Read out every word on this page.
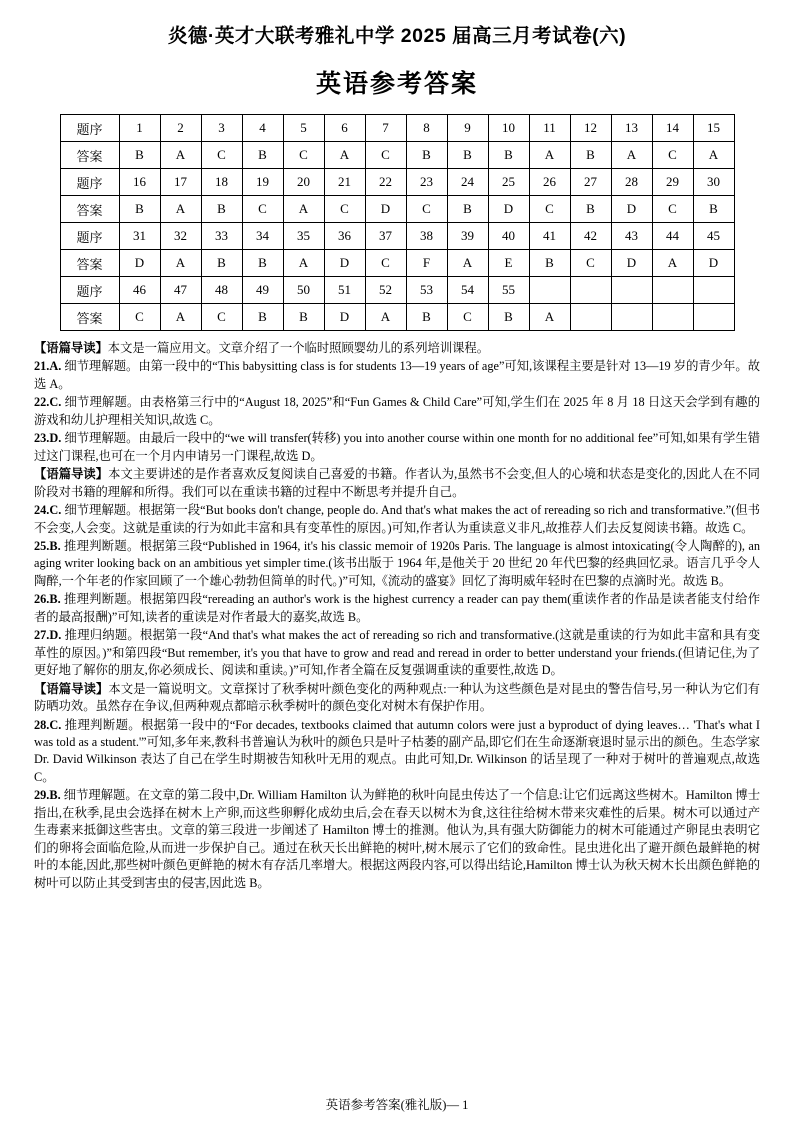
炎德·英才大联考雅礼中学 2025 届高三月考试卷(六)
英语参考答案
题序	1	2	3	4	5	6	7	8	9	10	11	12	13	14	15
答案	B	A	C	B	C	A	C	B	B	B	A	B	A	C	A
题序	16	17	18	19	20	21	22	23	24	25	26	27	28	29	30
答案	B	A	B	C	A	C	D	C	B	D	C	B	D	C	B
题序	31	32	33	34	35	36	37	38	39	40	41	42	43	44	45
答案	D	A	B	B	A	D	C	F	A	E	B	C	D	A	D
题序	46	47	48	49	50	51	52	53	54	55					
答案	C	A	C	B	B	D	A	B	C	B	A				

【语篇导读】本文是一篇应用文。文章介绍了一个临时照顾婴幼儿的系列培训课程。

21.A. 细节理解题。由第一段中的“This babysitting class is for students 13—19 years of age”可知,该课程主要是针对 13—19 岁的青少年。故选 A。

22.C. 细节理解题。由表格第三行中的“August 18, 2025”和“Fun Games & Child Care”可知,学生们在 2025 年 8 月 18 日这天会学到有趣的游戏和幼儿护理相关知识,故选 C。

23.D. 细节理解题。由最后一段中的“we will transfer(转移) you into another course within one month for no additional fee”可知,如果有学生错过这门课程,也可在一个月内申请另一门课程,故选 D。

【语篇导读】本文主要讲述的是作者喜欢反复阅读自己喜爱的书籍。作者认为,虽然书不会变,但人的心境和状态是变化的,因此人在不同阶段对书籍的理解和所得。我们可以在重读书籍的过程中不断思考并提升自己。

24.C. 细节理解题。根据第一段“But books don't change, people do. And that's what makes the act of rereading so rich and transformative.”(但书不会变,人会变。这就是重读的行为如此丰富和具有变革性的原因。)可知,作者认为重读意义非凡,故推荐人们去反复阅读书籍。故选 C。

25.B. 推理判断题。根据第三段“Published in 1964, it's his classic memoir of 1920s Paris. The language is almost intoxicating(令人陶醉的), an aging writer looking back on an ambitious yet simpler time.(该书出版于 1964 年,是他关于 20 世纪 20 年代巴黎的经典回忆录。语言几乎令人陶醉,一个年老的作家回顾了一个雄心勃勃但简单的时代。)”可知,《流动的盛宴》回忆了海明威年轻时在巴黎的点滴时光。故选 B。

26.B. 推理判断题。根据第四段“rereading an author's work is the highest currency a reader can pay them(重读作者的作品是读者能支付给作者的最高报酬)”可知,读者的重读是对作者最大的嘉奖,故选 B。

27.D. 推理归纳题。根据第一段“And that's what makes the act of rereading so rich and transformative.(这就是重读的行为如此丰富和具有变革性的原因。)”和第四段“But remember, it's you that have to grow and read and reread in order to better understand your friends.(但请记住,为了更好地了解你的朋友,你必须成长、阅读和重读。)”可知,作者全篇在反复强调重读的重要性,故选 D。

【语篇导读】本文是一篇说明文。文章探讨了秋季树叶颜色变化的两种观点:一种认为这些颜色是对昆虫的警告信号,另一种认为它们有防晒功效。虽然存在争议,但两种观点都暗示秋季树叶的颜色变化对树木有保护作用。

28.C. 推理判断题。根据第一段中的“For decades, textbooks claimed that autumn colors were just a byproduct of dying leaves… 'That's what I was told as a student.'”可知,多年来,教科书普遍认为秋叶的颜色只是叶子枯萎的副产品,即它们在生命逐渐衰退时显示出的颜色。生态学家 Dr. David Wilkinson 表达了自己在学生时期被告知秋叶无用的观点。由此可知,Dr. Wilkinson 的话呈现了一种对于树叶的普遍观点,故选 C。

29.B. 细节理解题。在文章的第二段中,Dr. William Hamilton 认为鲜艳的秋叶向昆虫传达了一个信息:让它们远离这些树木。Hamilton 博士指出,在秋季,昆虫会选择在树木上产卵,而这些卵孵化成幼虫后,会在春天以树木为食,这往往给树木带来灾难性的后果。树木可以通过产生毒素来抵御这些害虫。文章的第三段进一步阐述了 Hamilton 博士的推测。他认为,具有强大防御能力的树木可能通过产卵昆虫表明它们的卵将会面临危险,从而进一步保护自己。通过在秋天长出鲜艳的树叶,树木展示了它们的致命性。昆虫进化出了避开颜色最鲜艳的树叶的本能,因此,那些树叶颜色更鲜艳的树木有存活几率增大。根据这两段内容,可以得出结论,Hamilton 博士认为秋天树木长出颜色鲜艳的树叶可以防止其受到害虫的侵害,因此选 B。

英语参考答案(雅礼版)— 1
